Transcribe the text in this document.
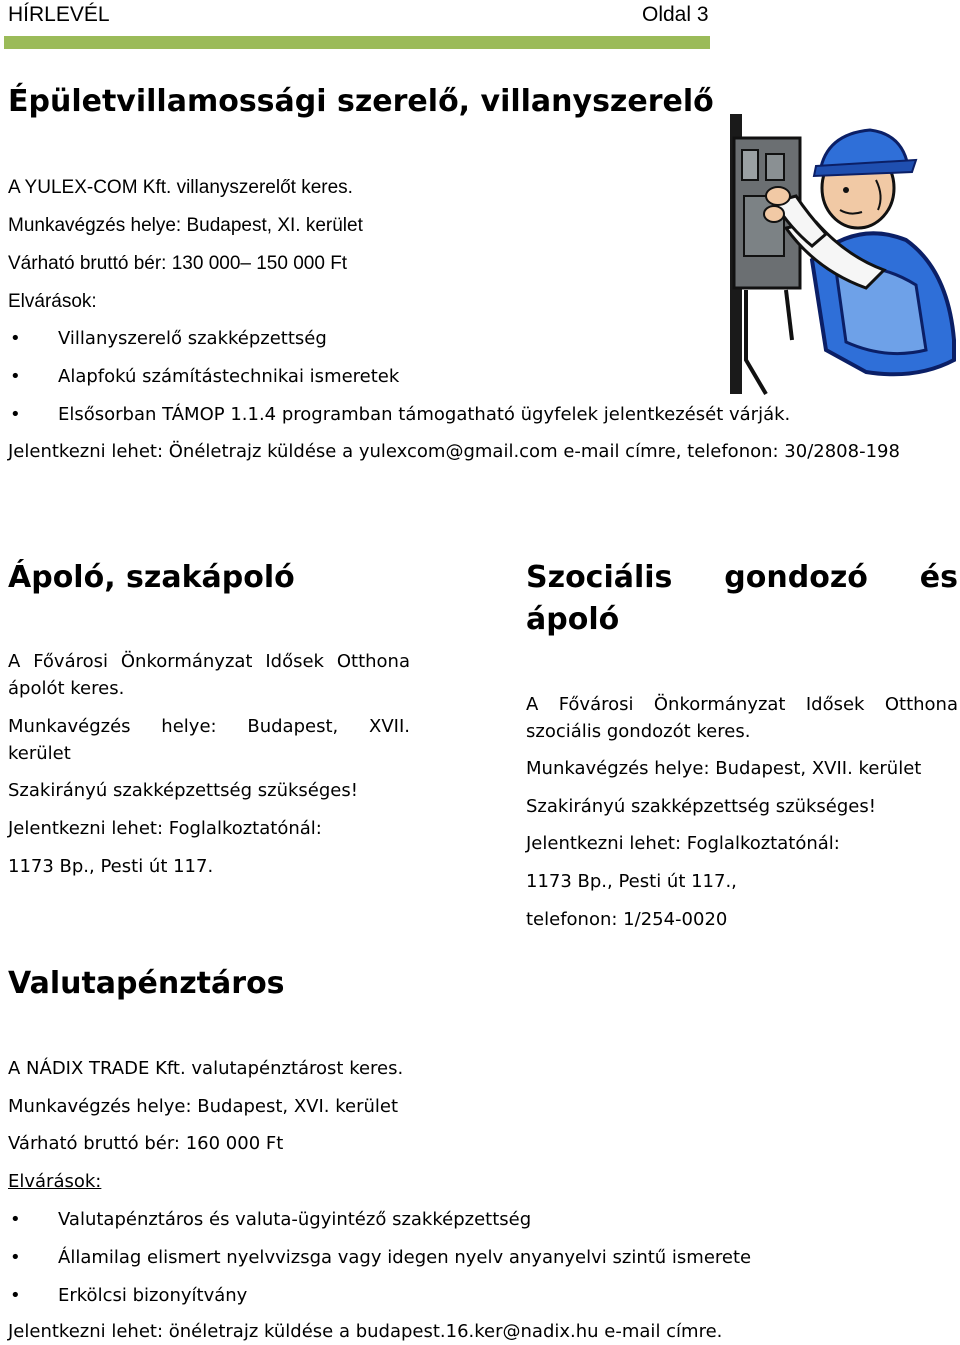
HÍRLEVÉL	Oldal 3
Épületvillamossági szerelő, villanyszerelő
A YULEX-COM Kft. villanyszerelőt keres.
Munkavégzés helye: Budapest, XI. kerület
Várható bruttó bér: 130 000– 150 000 Ft
Elvárások:
• Villanyszerelő szakképzettség
• Alapfokú számítástechnikai ismeretek
• Elsősorban TÁMOP 1.1.4 programban támogatható ügyfelek jelentkezését várják.
Jelentkezni lehet: Önéletrajz küldése a yulexcom@gmail.com e-mail címre, telefonon: 30/2808-198
Ápoló, szakápoló
A Fővárosi Önkormányzat Idősek Otthona
ápolót keres.
Munkavégzés helye: Budapest, XVII.
kerület
Szakirányú szakképzettség szükséges!
Jelentkezni lehet: Foglalkoztatónál:
1173 Bp., Pesti út 117.
Szociális gondozó és
ápoló
A Fővárosi Önkormányzat Idősek Otthona
szociális gondozót keres.
Munkavégzés helye: Budapest, XVII. kerület
Szakirányú szakképzettség szükséges!
Jelentkezni lehet: Foglalkoztatónál:
1173 Bp., Pesti út 117.,
telefonon: 1/254-0020
Valutapénztáros
A NÁDIX TRADE Kft. valutapénztárost keres.
Munkavégzés helye: Budapest, XVI. kerület
Várható bruttó bér: 160 000 Ft
Elvárások:
• Valutapénztáros és valuta-ügyintéző szakképzettség
• Államilag elismert nyelvvizsga vagy idegen nyelv anyanyelvi szintű ismerete
• Erkölcsi bizonyítvány
Jelentkezni lehet: önéletrajz küldése a budapest.16.ker@nadix.hu e-mail címre.
